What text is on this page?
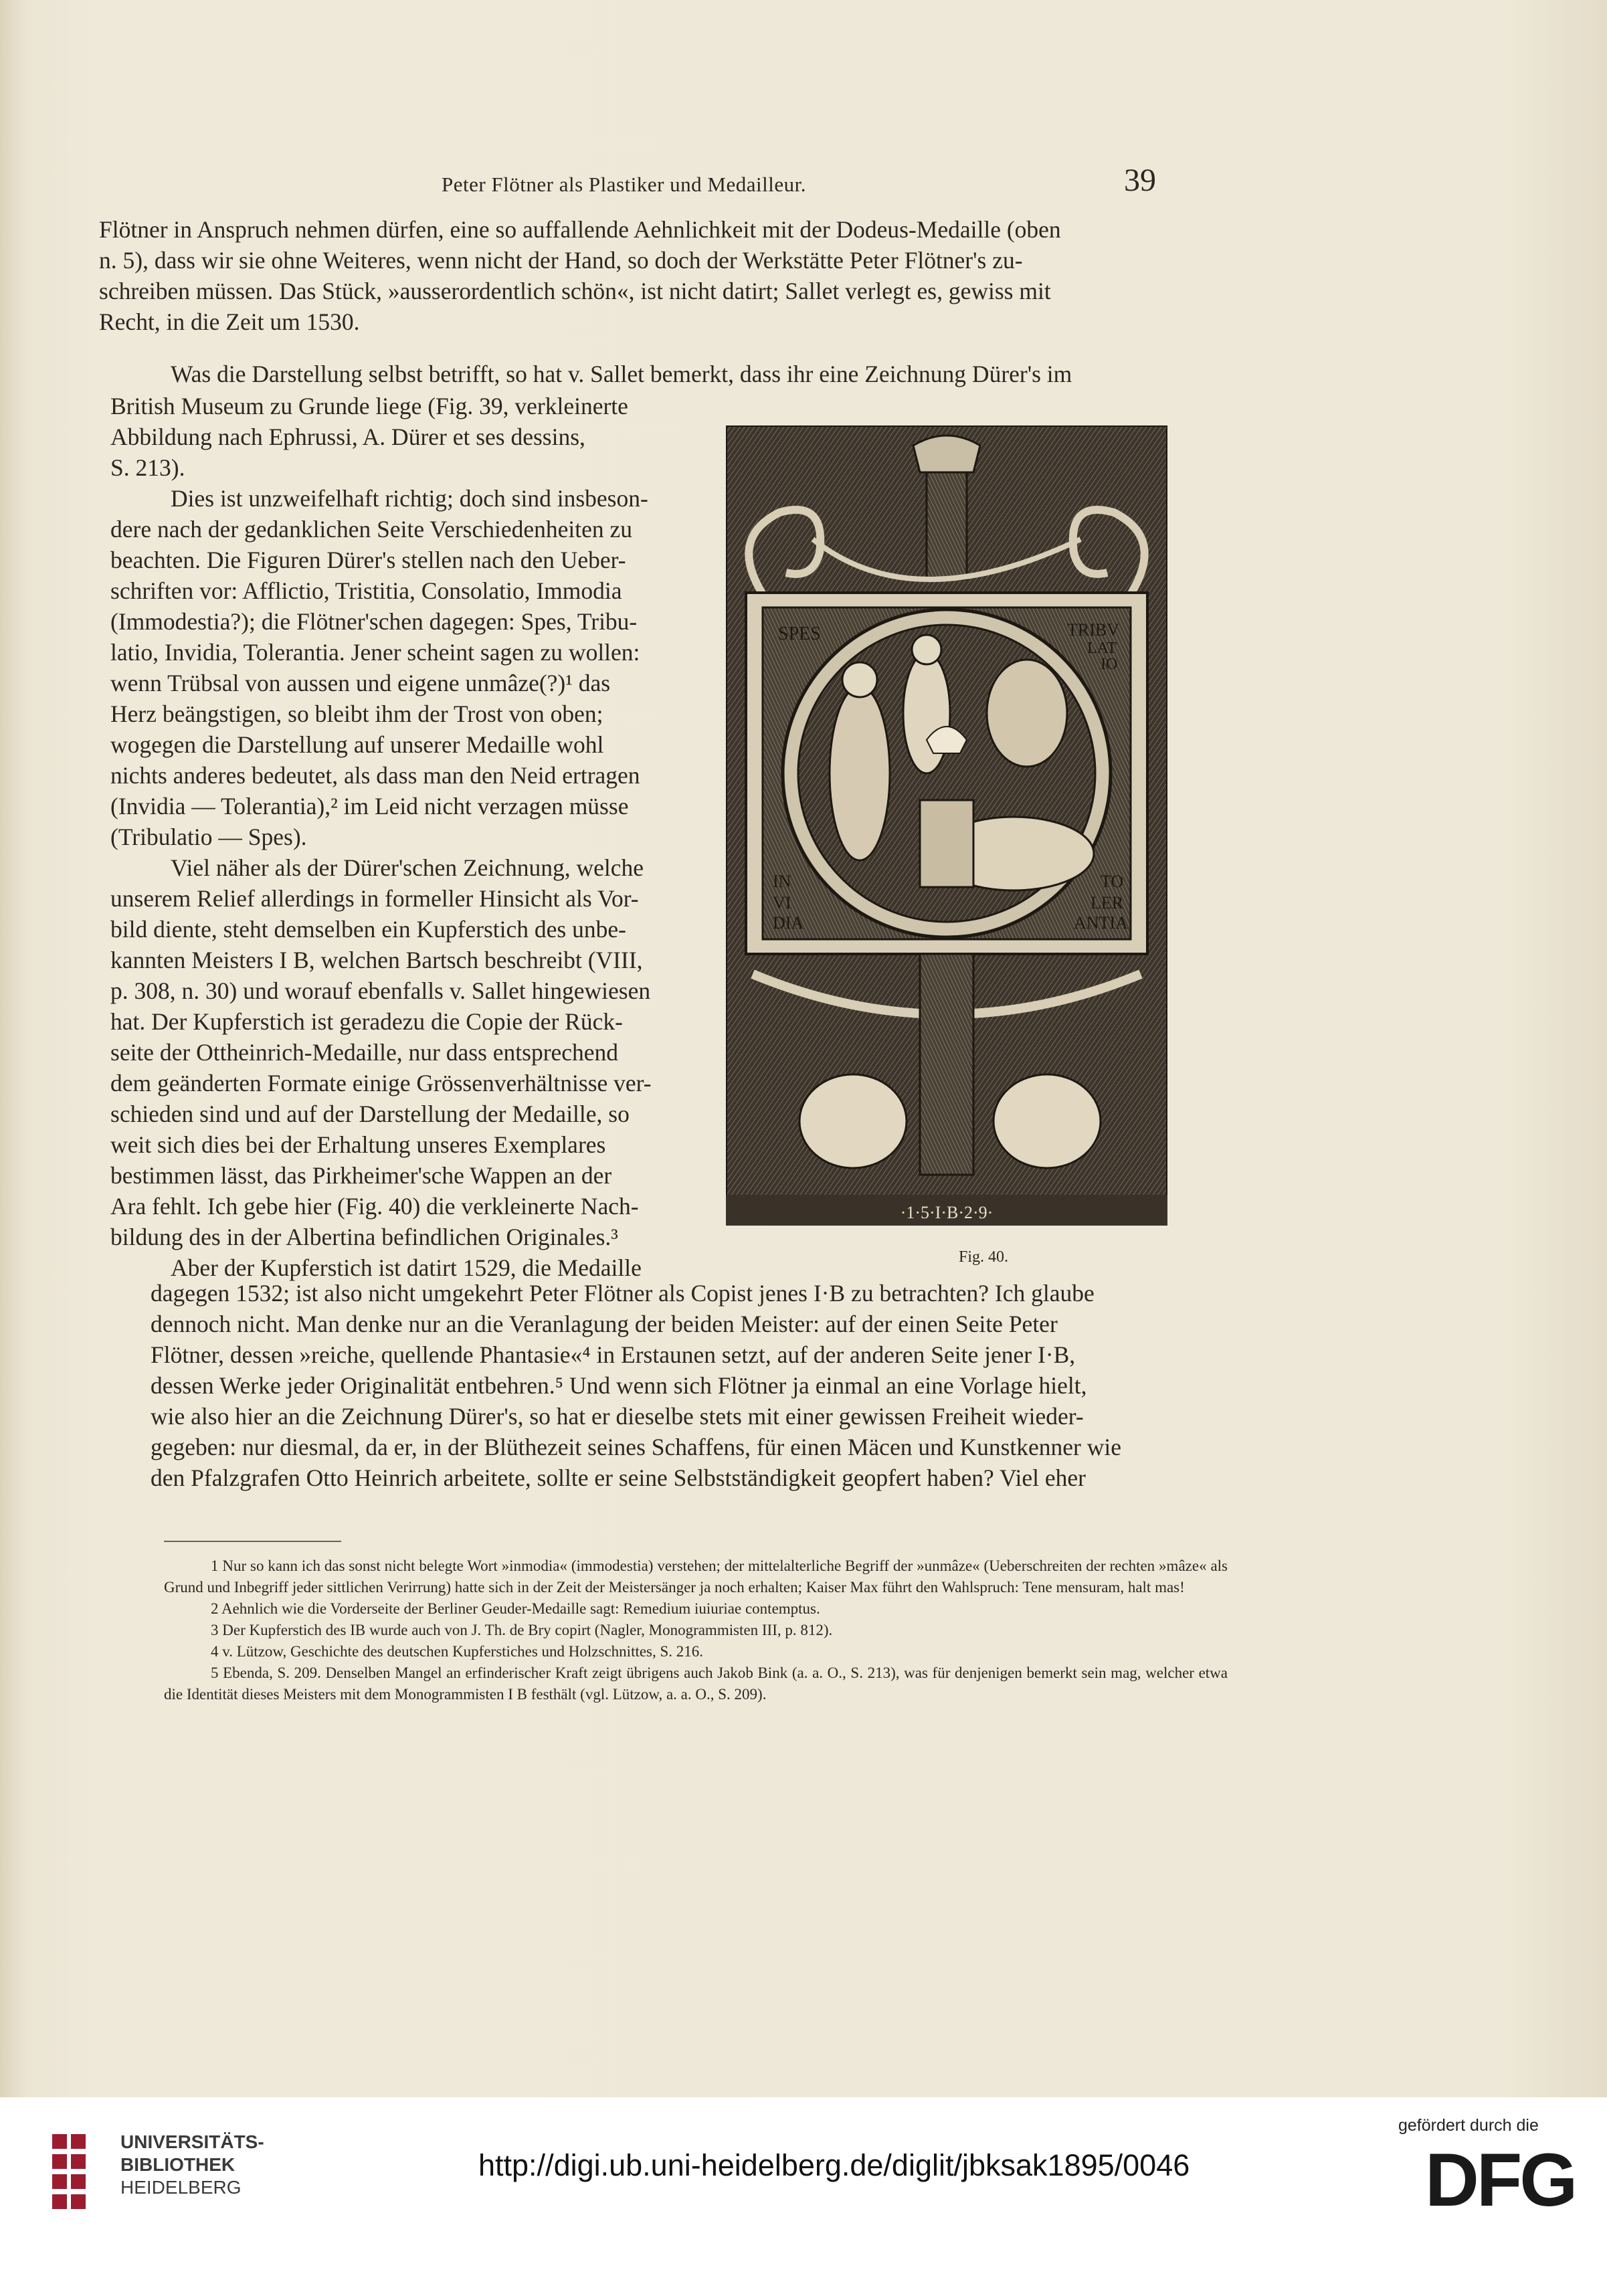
Peter Flötner als Plastiker und Medailleur.	39

Flötner in Anspruch nehmen dürfen, eine so auffallende Aehnlichkeit mit der Dodeus-Medaille (oben

n. 5), dass wir sie ohne Weiteres, wenn nicht der Hand, so doch der Werkstätte Peter Flötner's zu-

schreiben müssen. Das Stück, »ausserordentlich schön«, ist nicht datirt; Sallet verlegt es, gewiss mit

Recht, in die Zeit um 1530.

Was die Darstellung selbst betrifft, so hat v. Sallet bemerkt, dass ihr eine Zeichnung Dürer's im

British Museum zu Grunde liege (Fig. 39, verkleinerte

Abbildung nach Ephrussi, A. Dürer et ses dessins,

S. 213).

Dies ist unzweifelhaft richtig; doch sind insbeson-

dere nach der gedanklichen Seite Verschiedenheiten zu

beachten. Die Figuren Dürer's stellen nach den Ueber-

schriften vor: Afflictio, Tristitia, Consolatio, Immodia

(Immodestia?); die Flötner'schen dagegen: Spes, Tribu-

latio, Invidia, Tolerantia. Jener scheint sagen zu wollen:

wenn Trübsal von aussen und eigene unmâze(?)¹ das

Herz beängstigen, so bleibt ihm der Trost von oben;

wogegen die Darstellung auf unserer Medaille wohl

nichts anderes bedeutet, als dass man den Neid ertragen

(Invidia — Tolerantia),² im Leid nicht verzagen müsse

(Tribulatio — Spes).

Viel näher als der Dürer'schen Zeichnung, welche

unserem Relief allerdings in formeller Hinsicht als Vor-

bild diente, steht demselben ein Kupferstich des unbe-

kannten Meisters I B, welchen Bartsch beschreibt (VIII,

p. 308, n. 30) und worauf ebenfalls v. Sallet hingewiesen

hat. Der Kupferstich ist geradezu die Copie der Rück-

seite der Ottheinrich-Medaille, nur dass entsprechend

dem geänderten Formate einige Grössenverhältnisse ver-

schieden sind und auf der Darstellung der Medaille, so

weit sich dies bei der Erhaltung unseres Exemplares

bestimmen lässt, das Pirkheimer'sche Wappen an der

Ara fehlt. Ich gebe hier (Fig. 40) die verkleinerte Nach-

bildung des in der Albertina befindlichen Originales.³

Aber der Kupferstich ist datirt 1529, die Medaille

SPES	TRIBV
LAT
IO
IN
VI
DIA
TO
LER
ANTIA
·1·5·I·B·2·9·
Fig. 40.

dagegen 1532; ist also nicht umgekehrt Peter Flötner als Copist jenes I·B zu betrachten? Ich glaube

dennoch nicht. Man denke nur an die Veranlagung der beiden Meister: auf der einen Seite Peter

Flötner, dessen »reiche, quellende Phantasie«⁴ in Erstaunen setzt, auf der anderen Seite jener I·B,

dessen Werke jeder Originalität entbehren.⁵ Und wenn sich Flötner ja einmal an eine Vorlage hielt,

wie also hier an die Zeichnung Dürer's, so hat er dieselbe stets mit einer gewissen Freiheit wieder-

gegeben: nur diesmal, da er, in der Blüthezeit seines Schaffens, für einen Mäcen und Kunstkenner wie

den Pfalzgrafen Otto Heinrich arbeitete, sollte er seine Selbstständigkeit geopfert haben? Viel eher

1 Nur so kann ich das sonst nicht belegte Wort »inmodia« (immodestia) verstehen; der mittelalterliche Begriff der »unmâze« (Ueberschreiten der rechten »mâze« als Grund und Inbegriff jeder sittlichen Verirrung) hatte sich in der Zeit der Meistersänger ja noch erhalten; Kaiser Max führt den Wahlspruch: Tene mensuram, halt mas!

2 Aehnlich wie die Vorderseite der Berliner Geuder-Medaille sagt: Remedium iuiuriae contemptus.

3 Der Kupferstich des IB wurde auch von J. Th. de Bry copirt (Nagler, Monogrammisten III, p. 812).

4 v. Lützow, Geschichte des deutschen Kupferstiches und Holzschnittes, S. 216.

5 Ebenda, S. 209. Denselben Mangel an erfinderischer Kraft zeigt übrigens auch Jakob Bink (a. a. O., S. 213), was für denjenigen bemerkt sein mag, welcher etwa die Identität dieses Meisters mit dem Monogrammisten I B festhält (vgl. Lützow, a. a. O., S. 209).

UNIVERSITÄTS-
BIBLIOTHEK
HEIDELBERG
http://digi.ub.uni-heidelberg.de/diglit/jbksak1895/0046
gefördert durch die
DFG
